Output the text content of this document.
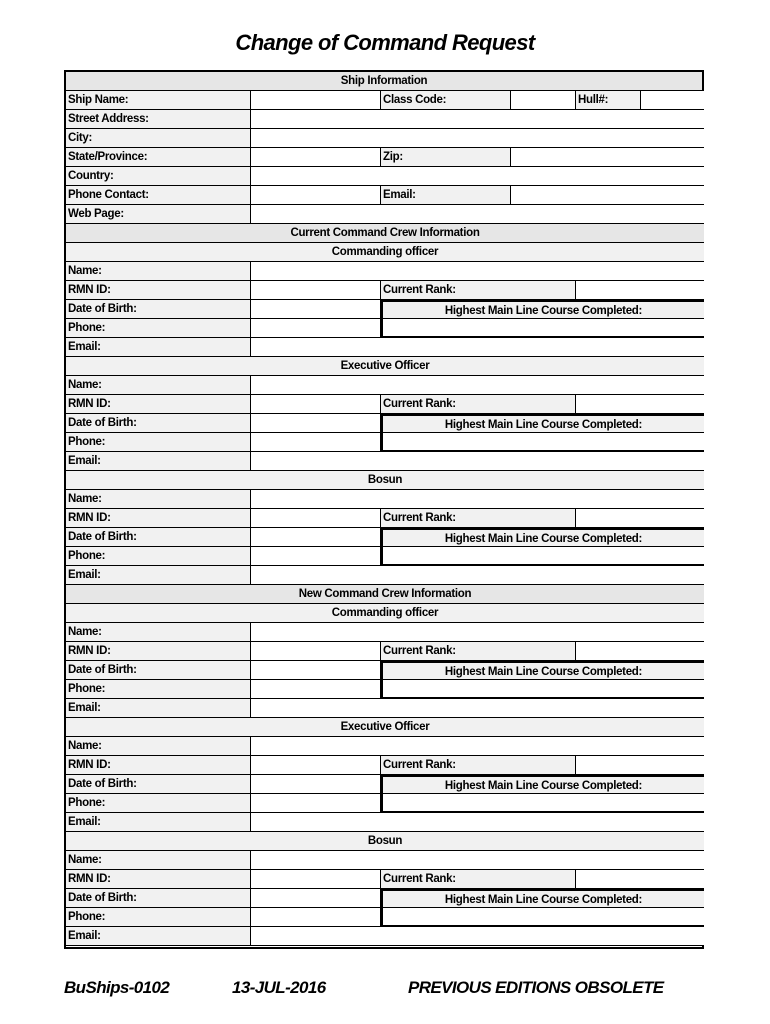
Change of Command Request
Ship Information
Ship Name:	Class Code:	Hull#:
Street Address:
City:
State/Province:	Zip:
Country:
Phone Contact:	Email:
Web Page:
Current Command Crew Information
Commanding officer
Name:
RMN ID:	Current Rank:
Date of Birth:	Highest Main Line Course Completed:
Phone:
Email:
Executive Officer
Name:
RMN ID:	Current Rank:
Date of Birth:	Highest Main Line Course Completed:
Phone:
Email:
Bosun
Name:
RMN ID:	Current Rank:
Date of Birth:	Highest Main Line Course Completed:
Phone:
Email:
New Command Crew Information
Commanding officer
Name:
RMN ID:	Current Rank:
Date of Birth:	Highest Main Line Course Completed:
Phone:
Email:
Executive Officer
Name:
RMN ID:	Current Rank:
Date of Birth:	Highest Main Line Course Completed:
Phone:
Email:
Bosun
Name:
RMN ID:	Current Rank:
Date of Birth:	Highest Main Line Course Completed:
Phone:
Email:
BuShips-0102	13-JUL-2016	PREVIOUS EDITIONS OBSOLETE
